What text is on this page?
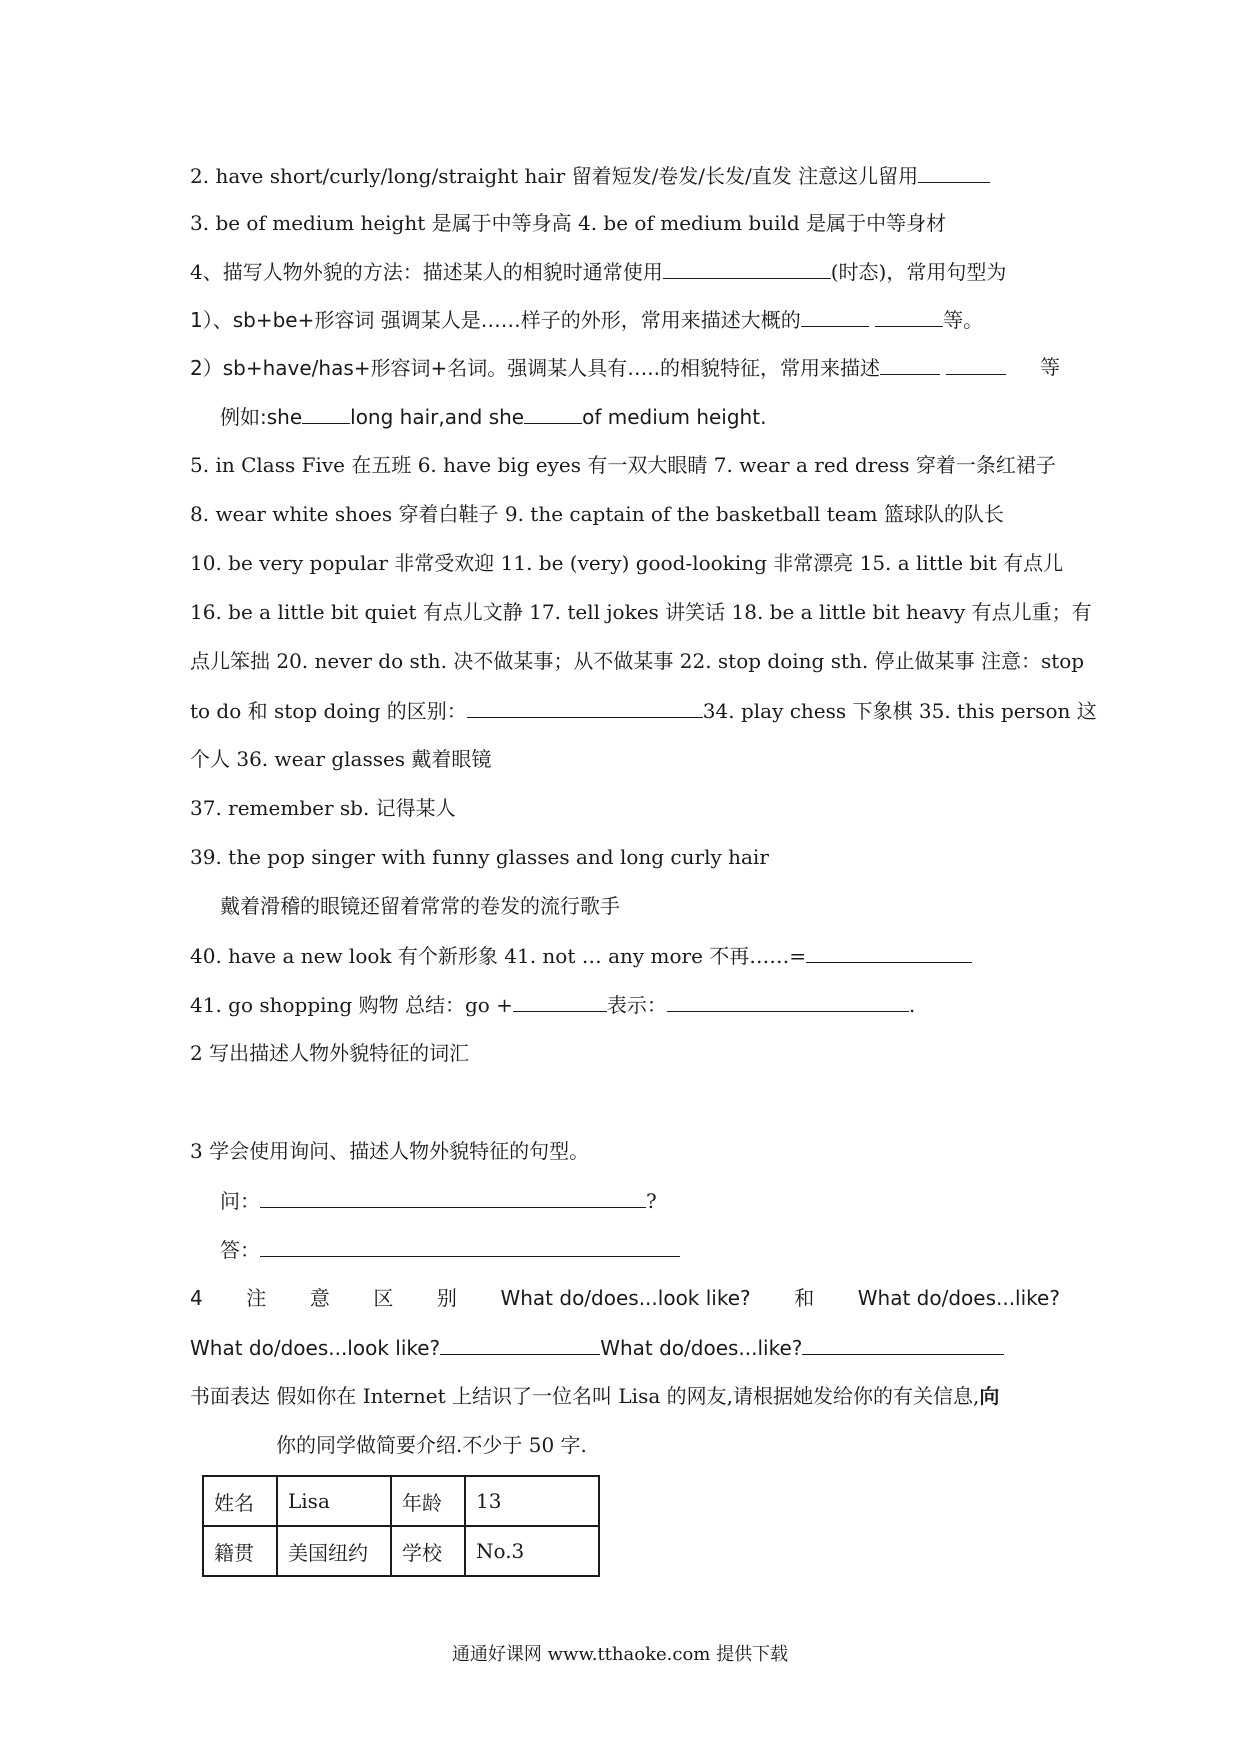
2. have short/curly/long/straight hair 留着短发/卷发/长发/直发 注意这儿留用
3. be of medium height 是属于中等身高 4. be of medium build 是属于中等身材
4、描写人物外貌的方法：描述某人的相貌时通常使用	(时态)，常用句型为
1）、sb+be+形容词 强调某人是……样子的外形，常用来描述大概的	等。
2）sb+have/has+形容词+名词。强调某人具有…..的相貌特征，常用来描述	等
例如:she long hair,and she	of medium height.
5. in Class Five 在五班 6. have big eyes 有一双大眼睛 7. wear a red dress 穿着一条红裙子
8. wear white shoes 穿着白鞋子 9. the captain of the basketball team 篮球队的队长
10. be very popular 非常受欢迎 11. be (very) good-looking 非常漂亮 15. a little bit 有点儿
16. be a little bit quiet 有点儿文静 17. tell jokes 讲笑话 18. be a little bit heavy 有点儿重；有
点儿笨拙 20. never do sth. 决不做某事；从不做某事 22. stop doing sth. 停止做某事 注意：stop
to do 和 stop doing 的区别：	34. play chess 下象棋 35. this person 这
个人 36. wear glasses 戴着眼镜
37. remember sb. 记得某人
39. the pop singer with funny glasses and long curly hair
戴着滑稽的眼镜还留着常常的卷发的流行歌手
40. have a new look 有个新形象 41. not … any more 不再……=
41. go shopping 购物 总结：go +	表示：	.
2 写出描述人物外貌特征的词汇
3 学会使用询问、描述人物外貌特征的句型。
问：	?
答：
4 注 意 区 别 What do/does...look like? 和 What do/does...like?
What do/does...look like?	What do/does...like?
书面表达 假如你在 Internet 上结识了一位名叫 Lisa 的网友,请根据她发给你的有关信息,向
你的同学做简要介绍.不少于 50 字.
姓名	Lisa	年龄	13
籍贯	美国纽约	学校	No.3
通通好课网 www.tthaoke.com 提供下载
